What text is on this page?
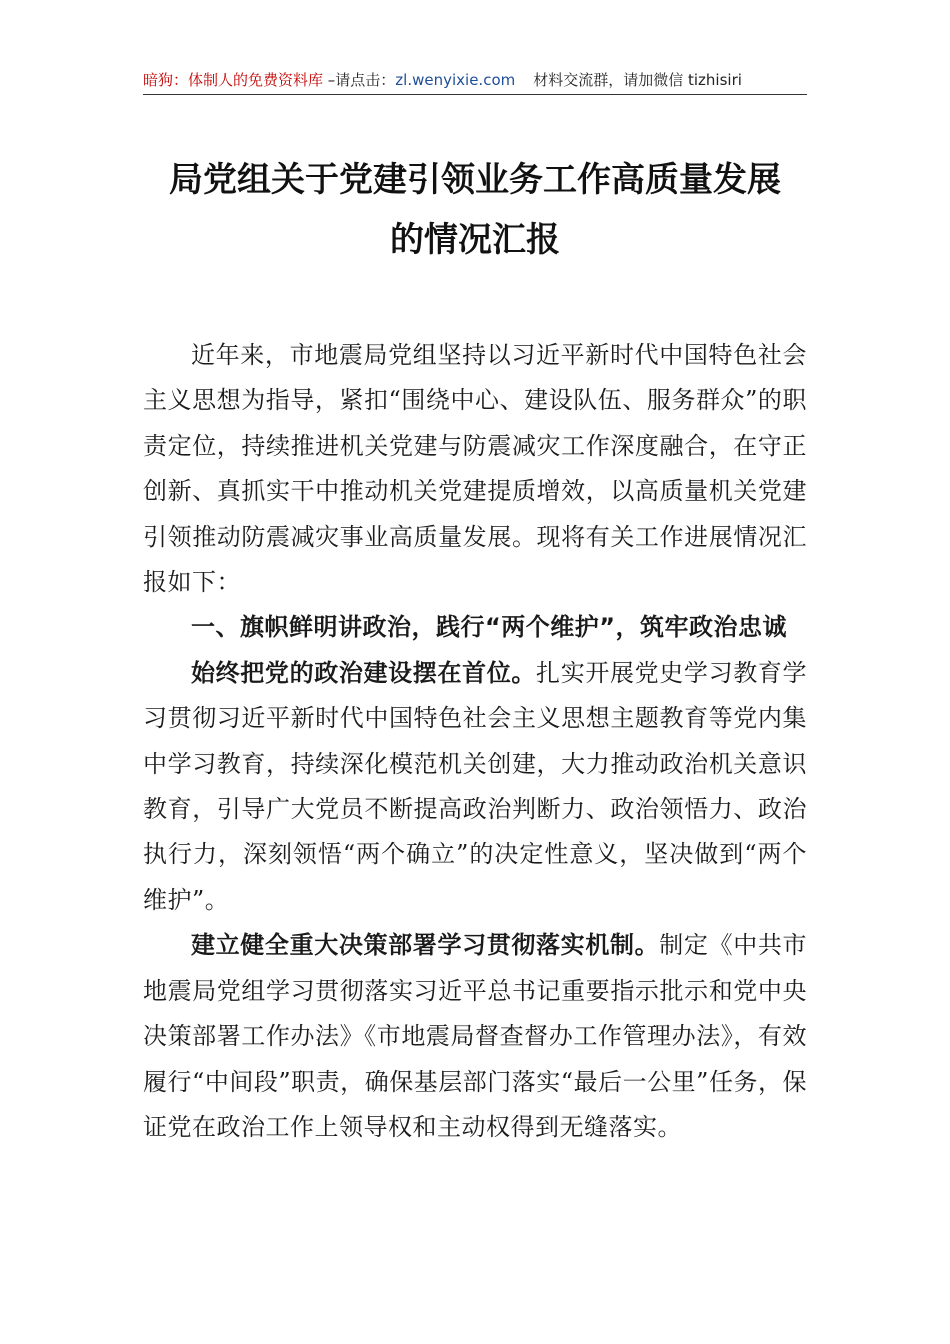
暗狗：体制人的免费资料库 –请点击：zl.wenyixie.com 材料交流群，请加微信 tizhisiri
局党组关于党建引领业务工作高质量发展
的情况汇报

近年来，市地震局党组坚持以习近平新时代中国特色社会主义思想为指导，紧扣“围绕中心、建设队伍、服务群众”的职责定位，持续推进机关党建与防震减灾工作深度融合，在守正创新、真抓实干中推动机关党建提质增效，以高质量机关党建引领推动防震减灾事业高质量发展。现将有关工作进展情况汇报如下：

一、旗帜鲜明讲政治，践行“两个维护”，筑牢政治忠诚

始终把党的政治建设摆在首位。扎实开展党史学习教育学习贯彻习近平新时代中国特色社会主义思想主题教育等党内集中学习教育，持续深化模范机关创建，大力推动政治机关意识教育，引导广大党员不断提高政治判断力、政治领悟力、政治执行力，深刻领悟“两个确立”的决定性意义，坚决做到“两个维护”。

建立健全重大决策部署学习贯彻落实机制。制定《中共市地震局党组学习贯彻落实习近平总书记重要指示批示和党中央决策部署工作办法》《市地震局督查督办工作管理办法》，有效履行“中间段”职责，确保基层部门落实“最后一公里”任务，保证党在政治工作上领导权和主动权得到无缝落实。
